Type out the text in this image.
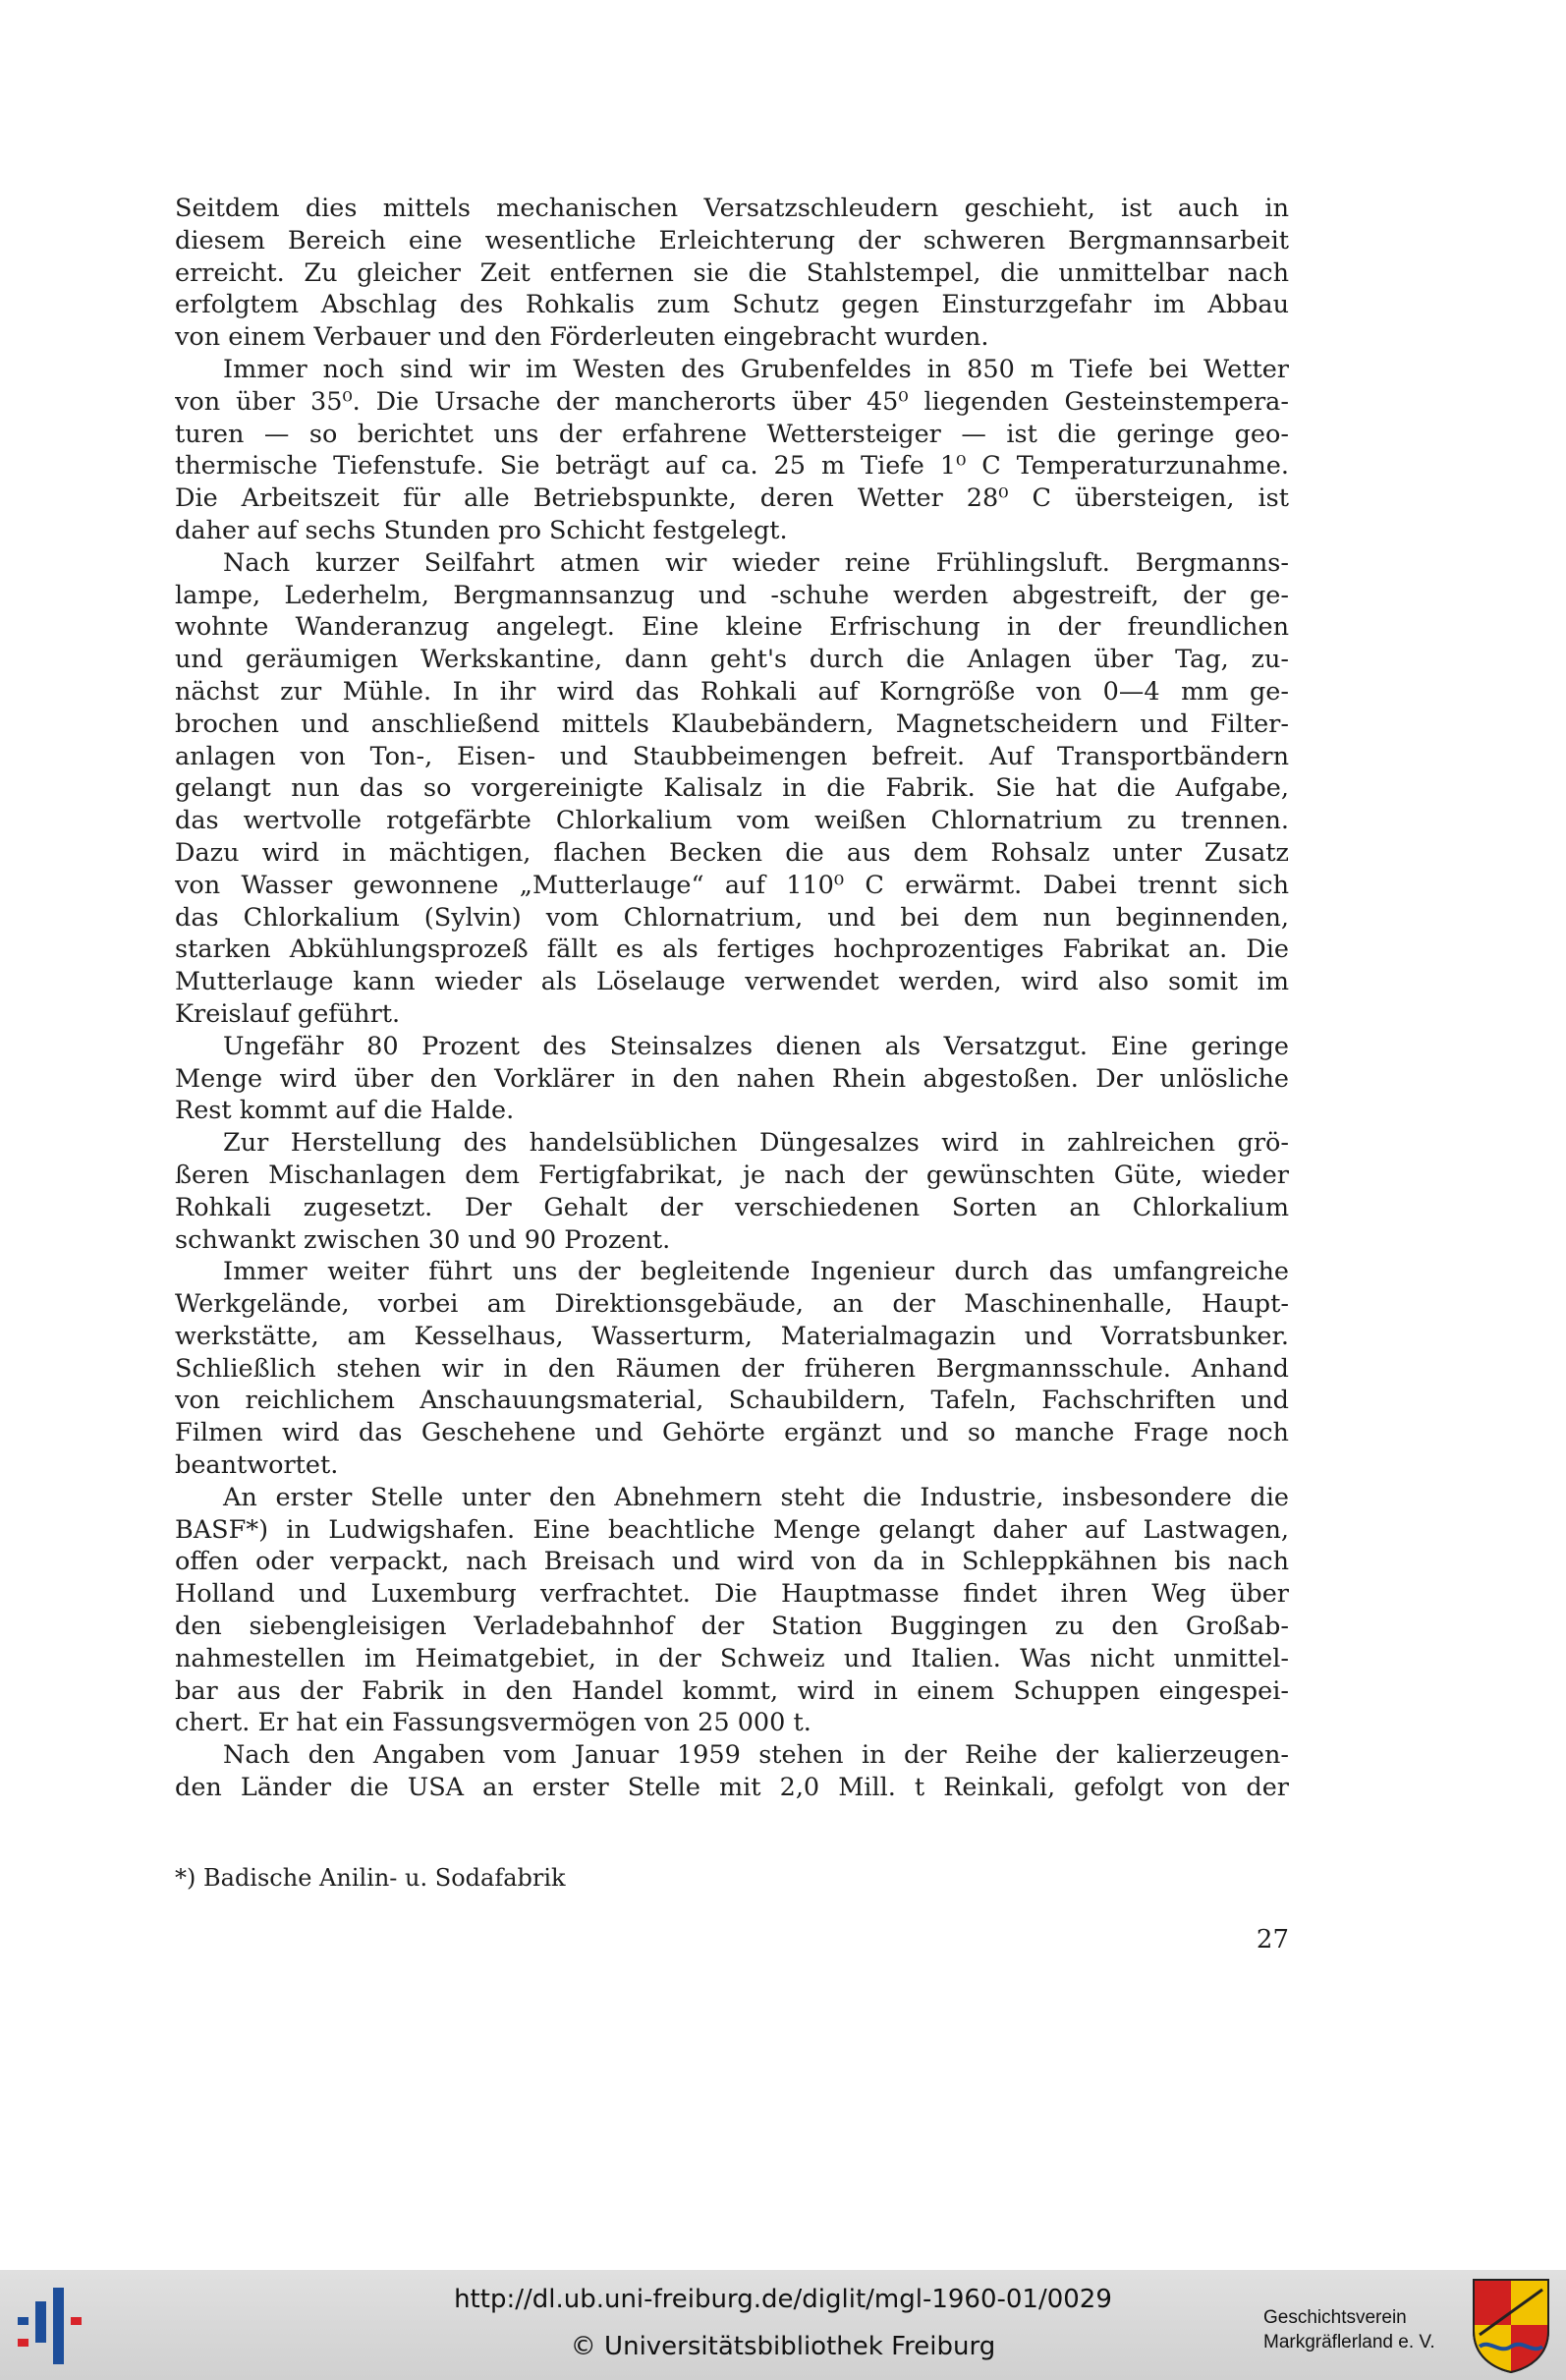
Seitdem dies mittels mechanischen Versatzschleudern geschieht, ist auch in
diesem Bereich eine wesentliche Erleichterung der schweren Bergmannsarbeit
erreicht. Zu gleicher Zeit entfernen sie die Stahlstempel, die unmittelbar nach
erfolgtem Abschlag des Rohkalis zum Schutz gegen Einsturzgefahr im Abbau
von einem Verbauer und den Förderleuten eingebracht wurden.
Immer noch sind wir im Westen des Grubenfeldes in 850 m Tiefe bei Wetter
von über 35⁰. Die Ursache der mancherorts über 45⁰ liegenden Gesteinstempera-
turen — so berichtet uns der erfahrene Wettersteiger — ist die geringe geo-
thermische Tiefenstufe. Sie beträgt auf ca. 25 m Tiefe 1⁰ C Temperaturzunahme.
Die Arbeitszeit für alle Betriebspunkte, deren Wetter 28⁰ C übersteigen, ist
daher auf sechs Stunden pro Schicht festgelegt.
Nach kurzer Seilfahrt atmen wir wieder reine Frühlingsluft. Bergmanns-
lampe, Lederhelm, Bergmannsanzug und -schuhe werden abgestreift, der ge-
wohnte Wanderanzug angelegt. Eine kleine Erfrischung in der freundlichen
und geräumigen Werkskantine, dann geht's durch die Anlagen über Tag, zu-
nächst zur Mühle. In ihr wird das Rohkali auf Korngröße von 0—4 mm ge-
brochen und anschließend mittels Klaubebändern, Magnetscheidern und Filter-
anlagen von Ton-, Eisen- und Staubbeimengen befreit. Auf Transportbändern
gelangt nun das so vorgereinigte Kalisalz in die Fabrik. Sie hat die Aufgabe,
das wertvolle rotgefärbte Chlorkalium vom weißen Chlornatrium zu trennen.
Dazu wird in mächtigen, flachen Becken die aus dem Rohsalz unter Zusatz
von Wasser gewonnene „Mutterlauge“ auf 110⁰ C erwärmt. Dabei trennt sich
das Chlorkalium (Sylvin) vom Chlornatrium, und bei dem nun beginnenden,
starken Abkühlungsprozeß fällt es als fertiges hochprozentiges Fabrikat an. Die
Mutterlauge kann wieder als Löselauge verwendet werden, wird also somit im
Kreislauf geführt.
Ungefähr 80 Prozent des Steinsalzes dienen als Versatzgut. Eine geringe
Menge wird über den Vorklärer in den nahen Rhein abgestoßen. Der unlösliche
Rest kommt auf die Halde.
Zur Herstellung des handelsüblichen Düngesalzes wird in zahlreichen grö-
ßeren Mischanlagen dem Fertigfabrikat, je nach der gewünschten Güte, wieder
Rohkali zugesetzt. Der Gehalt der verschiedenen Sorten an Chlorkalium
schwankt zwischen 30 und 90 Prozent.
Immer weiter führt uns der begleitende Ingenieur durch das umfangreiche
Werkgelände, vorbei am Direktionsgebäude, an der Maschinenhalle, Haupt-
werkstätte, am Kesselhaus, Wasserturm, Materialmagazin und Vorratsbunker.
Schließlich stehen wir in den Räumen der früheren Bergmannsschule. Anhand
von reichlichem Anschauungsmaterial, Schaubildern, Tafeln, Fachschriften und
Filmen wird das Geschehene und Gehörte ergänzt und so manche Frage noch
beantwortet.
An erster Stelle unter den Abnehmern steht die Industrie, insbesondere die
BASF*) in Ludwigshafen. Eine beachtliche Menge gelangt daher auf Lastwagen,
offen oder verpackt, nach Breisach und wird von da in Schleppkähnen bis nach
Holland und Luxemburg verfrachtet. Die Hauptmasse findet ihren Weg über
den siebengleisigen Verladebahnhof der Station Buggingen zu den Großab-
nahmestellen im Heimatgebiet, in der Schweiz und Italien. Was nicht unmittel-
bar aus der Fabrik in den Handel kommt, wird in einem Schuppen eingespei-
chert. Er hat ein Fassungsvermögen von 25 000 t.
Nach den Angaben vom Januar 1959 stehen in der Reihe der kalierzeugen-
den Länder die USA an erster Stelle mit 2,0 Mill. t Reinkali, gefolgt von der
*) Badische Anilin- u. Sodafabrik
27
http://dl.ub.uni-freiburg.de/diglit/mgl-1960-01/0029
© Universitätsbibliothek Freiburg
Geschichtsverein
Markgräflerland e. V.
